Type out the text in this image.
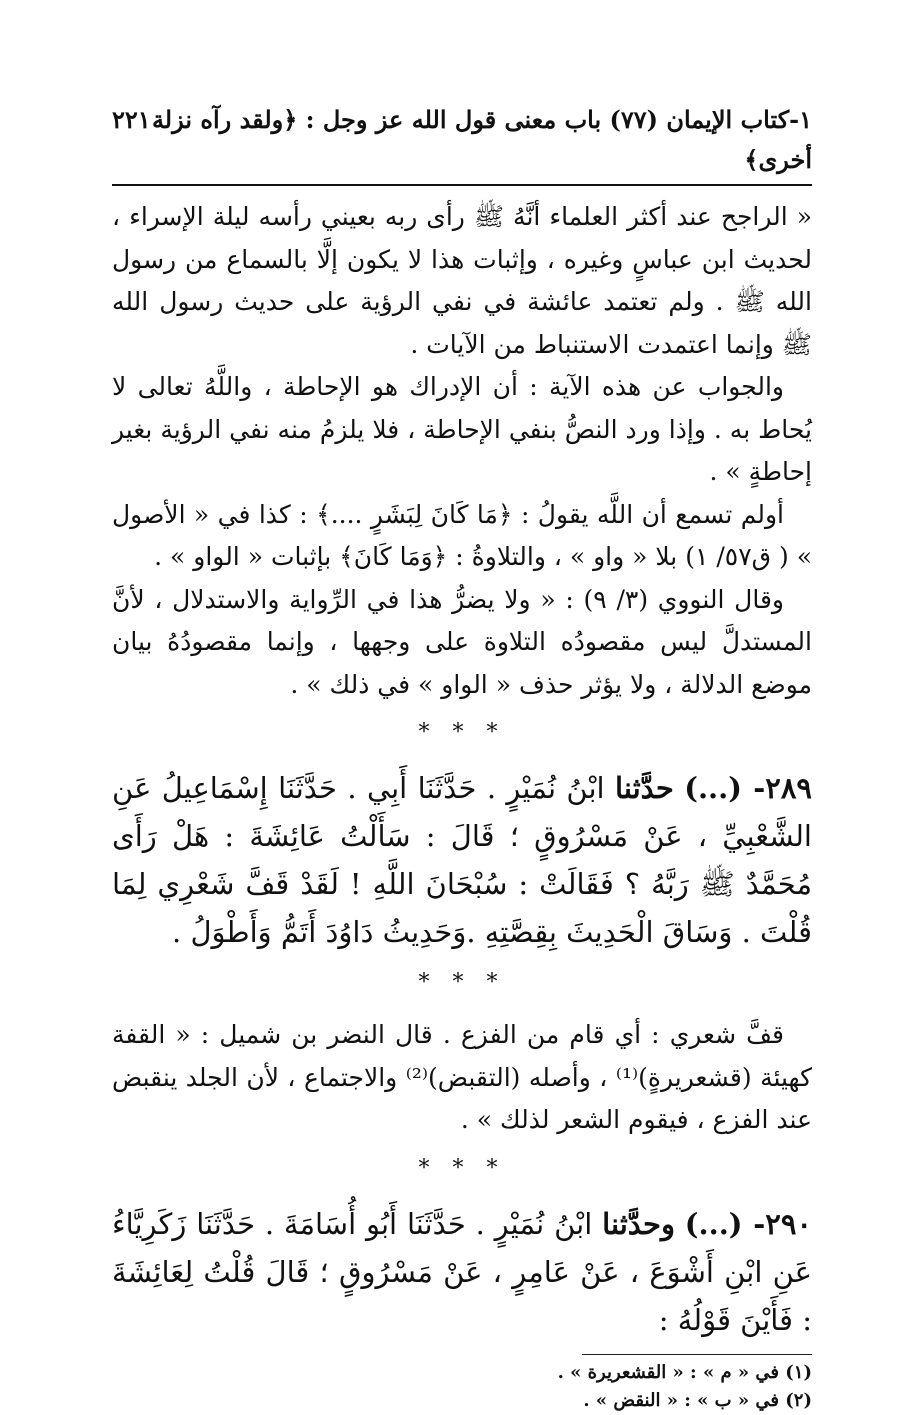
١-كتاب الإيمان (٧٧) باب معنى قول الله عز وجل : ﴿ولقد رآه نزلة أخرى﴾
٢٢١

« الراجح عند أكثر العلماء أنَّهُ ﷺ رأى ربه بعيني رأسه ليلة الإسراء ، لحديث ابن عباسٍ وغيره ، وإثبات هذا لا يكون إلَّا بالسماع من رسول الله ﷺ . ولم تعتمد عائشة في نفي الرؤية على حديث رسول الله ﷺ وإنما اعتمدت الاستنباط من الآيات .

والجواب عن هذه الآية : أن الإدراك هو الإحاطة ، واللَّهُ تعالى لا يُحاط به . وإذا ورد النصُّ بنفي الإحاطة ، فلا يلزمُ منه نفي الرؤية بغير إحاطةٍ » .

أولم تسمع أن اللَّه يقولُ : ﴿مَا كَانَ لِبَشَرٍ ....﴾ : كذا في « الأصول » ( ق٥٧/ ١) بلا « واو » ، والتلاوةُ : ﴿وَمَا كَانَ﴾ بإثبات « الواو » .

وقال النووي (٣/ ٩) : « ولا يضرُّ هذا في الرِّواية والاستدلال ، لأنَّ المستدلَّ ليس مقصودُه التلاوة على وجهها ، وإنما مقصودُهُ بيان موضع الدلالة ، ولا يؤثر حذف « الواو » في ذلك » .

* * *

٢٨٩- (...) حدَّثنا ابْنُ نُمَيْرٍ . حَدَّثَنَا أَبِي . حَدَّثَنَا إِسْمَاعِيلُ عَنِ الشَّعْبِيِّ ، عَنْ مَسْرُوقٍ ؛ قَالَ : سَأَلْتُ عَائِشَةَ : هَلْ رَأَى مُحَمَّدٌ ﷺ رَبَّهُ ؟ فَقَالَتْ : سُبْحَانَ اللَّهِ ! لَقَدْ قَفَّ شَعْرِي لِمَا قُلْتَ . وَسَاقَ الْحَدِيثَ بِقِصَّتِهِ .وَحَدِيثُ دَاوُدَ أَتَمُّ وَأَطْوَلُ .

* * *

قفَّ شعري : أي قام من الفزع . قال النضر بن شميل : « القفة كهيئة (قشعريرةٍ)⁽¹⁾ ، وأصله (التقبض)⁽²⁾ والاجتماع ، لأن الجلد ينقبض عند الفزع ، فيقوم الشعر لذلك » .

* * *

٢٩٠- (...) وحدَّثنا ابْنُ نُمَيْرٍ . حَدَّثَنَا أَبُو أُسَامَةَ . حَدَّثَنَا زَكَرِيَّاءُ عَنِ ابْنِ أَشْوَعَ ، عَنْ عَامِرٍ ، عَنْ مَسْرُوقٍ ؛ قَالَ قُلْتُ لِعَائِشَةَ : فَأَيْنَ قَوْلُهُ :

(١) في « م » : « القشعريرة » .
(٢) في « ب » : « النقض » .
